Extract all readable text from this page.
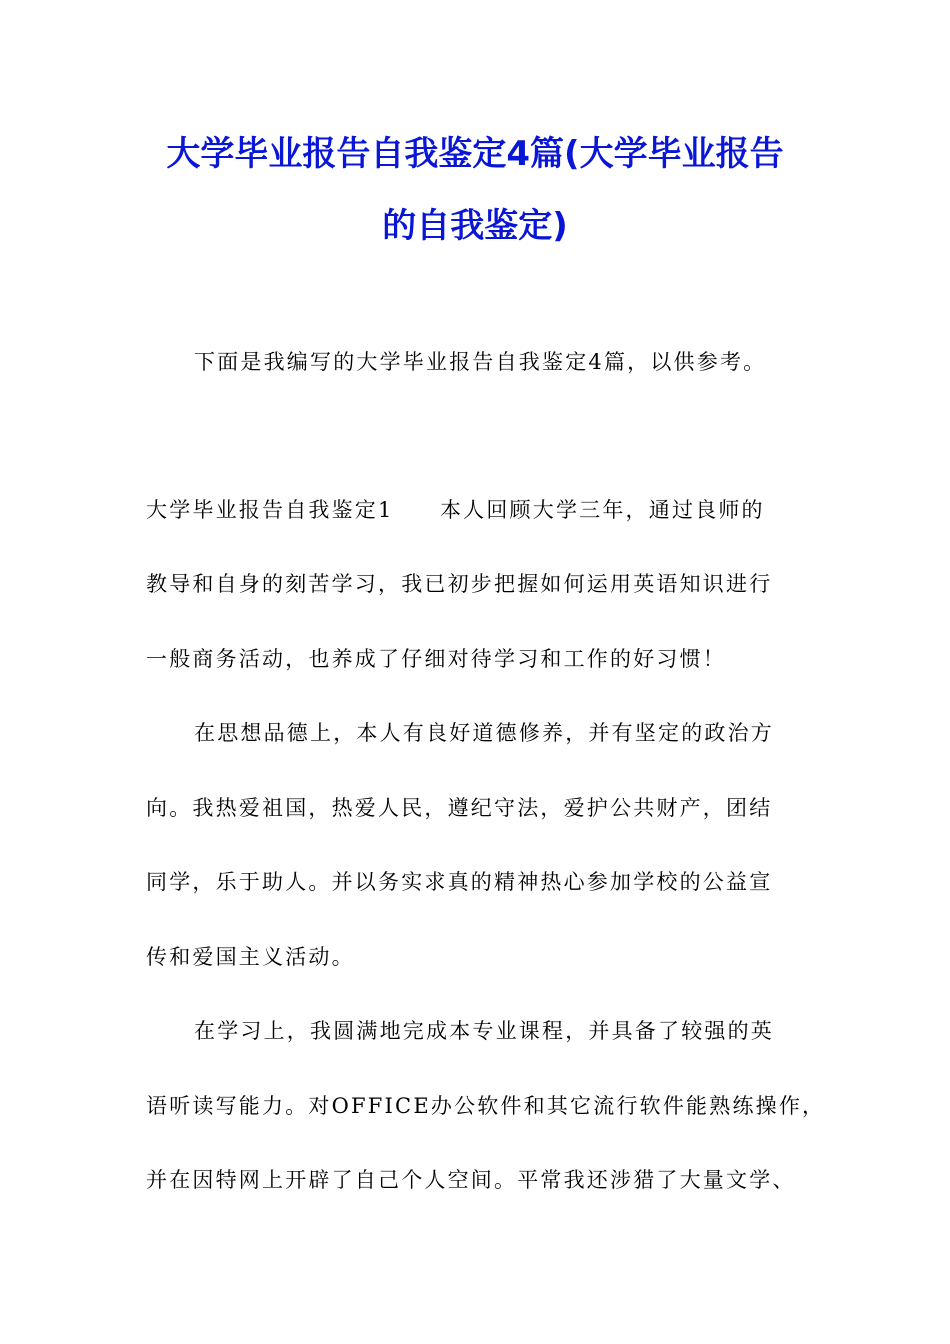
大学毕业报告自我鉴定4篇(大学毕业报告
的自我鉴定)

下面是我编写的大学毕业报告自我鉴定4篇，以供参考。

大学毕业报告自我鉴定1　　本人回顾大学三年，通过良师的

教导和自身的刻苦学习，我已初步把握如何运用英语知识进行

一般商务活动，也养成了仔细对待学习和工作的好习惯！

在思想品德上，本人有良好道德修养，并有坚定的政治方

向。我热爱祖国，热爱人民，遵纪守法，爱护公共财产，团结

同学，乐于助人。并以务实求真的精神热心参加学校的公益宣

传和爱国主义活动。

在学习上，我圆满地完成本专业课程，并具备了较强的英

语听读写能力。对OFFICE办公软件和其它流行软件能熟练操作，

并在因特网上开辟了自己个人空间。平常我还涉猎了大量文学、
